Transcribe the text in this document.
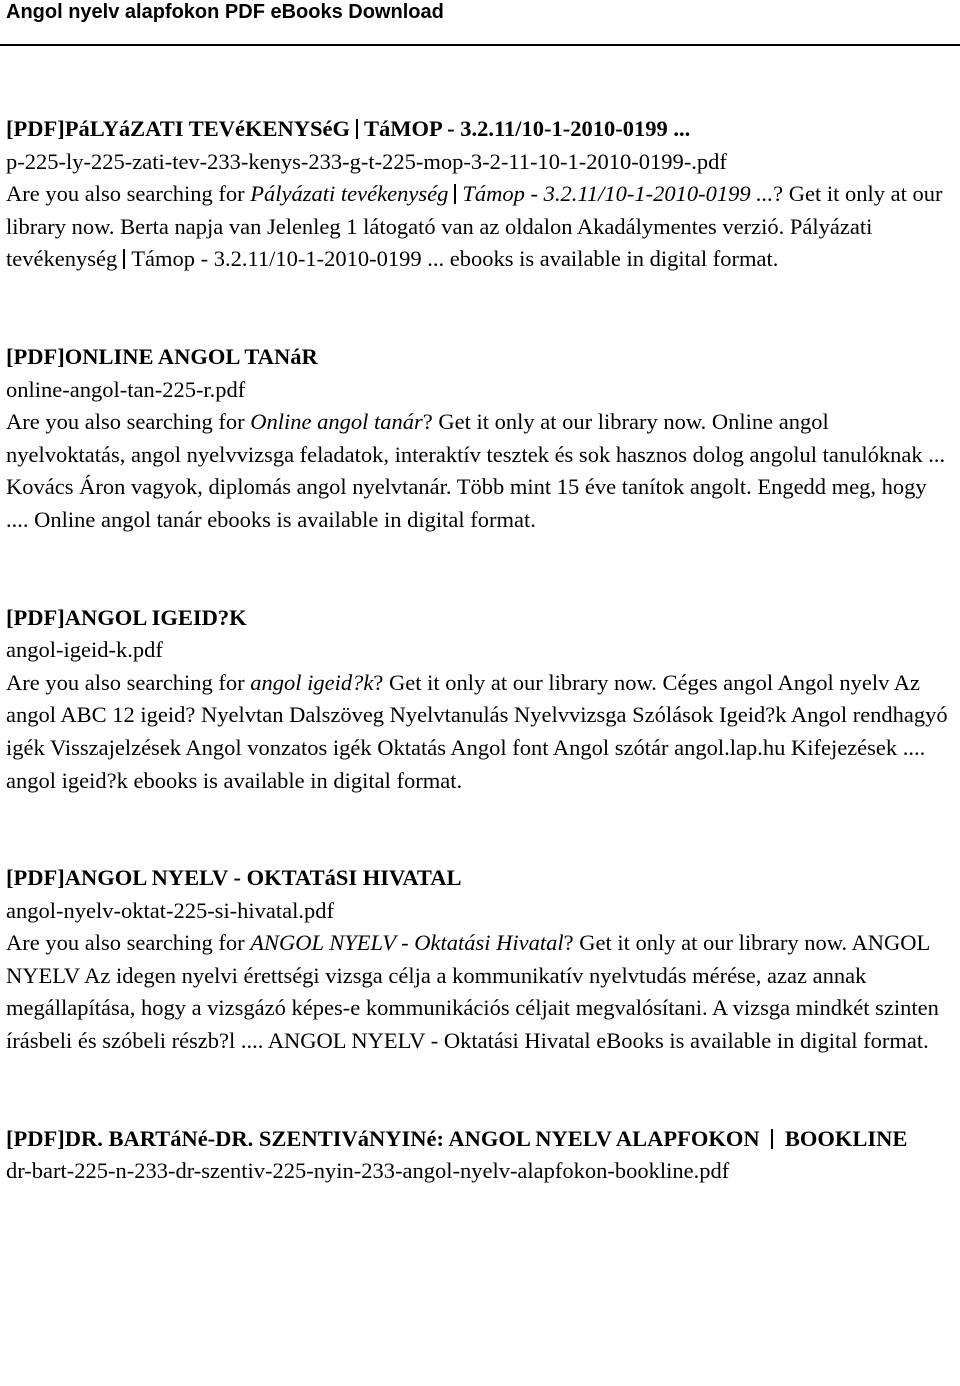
Angol nyelv alapfokon PDF eBooks Download

[PDF]PáLYáZATI TEVéKENYSéG TáMOP - 3.2.11/10-1-2010-0199 ...

p-225-ly-225-zati-tev-233-kenys-233-g-t-225-mop-3-2-11-10-1-2010-0199-.pdf

Are you also searching for Pályázati tevékenység Támop - 3.2.11/10-1-2010-0199 ...? Get it only at our library now. Berta napja van Jelenleg 1 látogató van az oldalon Akadálymentes verzió. Pályázati tevékenység Támop - 3.2.11/10-1-2010-0199 ... ebooks is available in digital format.

[PDF]ONLINE ANGOL TANáR

online-angol-tan-225-r.pdf

Are you also searching for Online angol tanár? Get it only at our library now. Online angol nyelvoktatás, angol nyelvvizsga feladatok, interaktív tesztek és sok hasznos dolog angolul tanulóknak ... Kovács Áron vagyok, diplomás angol nyelvtanár. Több mint 15 éve tanítok angolt. Engedd meg, hogy .... Online angol tanár ebooks is available in digital format.

[PDF]ANGOL IGEID?K

angol-igeid-k.pdf

Are you also searching for angol igeid?k? Get it only at our library now. Céges angol Angol nyelv Az angol ABC 12 igeid? Nyelvtan Dalszöveg Nyelvtanulás Nyelvvizsga Szólások Igeid?k Angol rendhagyó igék Visszajelzések Angol vonzatos igék Oktatás Angol font Angol szótár angol.lap.hu Kifejezések .... angol igeid?k ebooks is available in digital format.

[PDF]ANGOL NYELV - OKTATáSI HIVATAL

angol-nyelv-oktat-225-si-hivatal.pdf

Are you also searching for ANGOL NYELV - Oktatási Hivatal? Get it only at our library now. ANGOL NYELV Az idegen nyelvi érettségi vizsga célja a kommunikatív nyelvtudás mérése, azaz annak megállapítása, hogy a vizsgázó képes-e kommunikációs céljait megvalósítani. A vizsga mindkét szinten írásbeli és szóbeli részb?l .... ANGOL NYELV - Oktatási Hivatal eBooks is available in digital format.

[PDF]DR. BARTáNé-DR. SZENTIVáNYINé: ANGOL NYELV ALAPFOKON BOOKLINE

dr-bart-225-n-233-dr-szentiv-225-nyin-233-angol-nyelv-alapfokon-bookline.pdf
